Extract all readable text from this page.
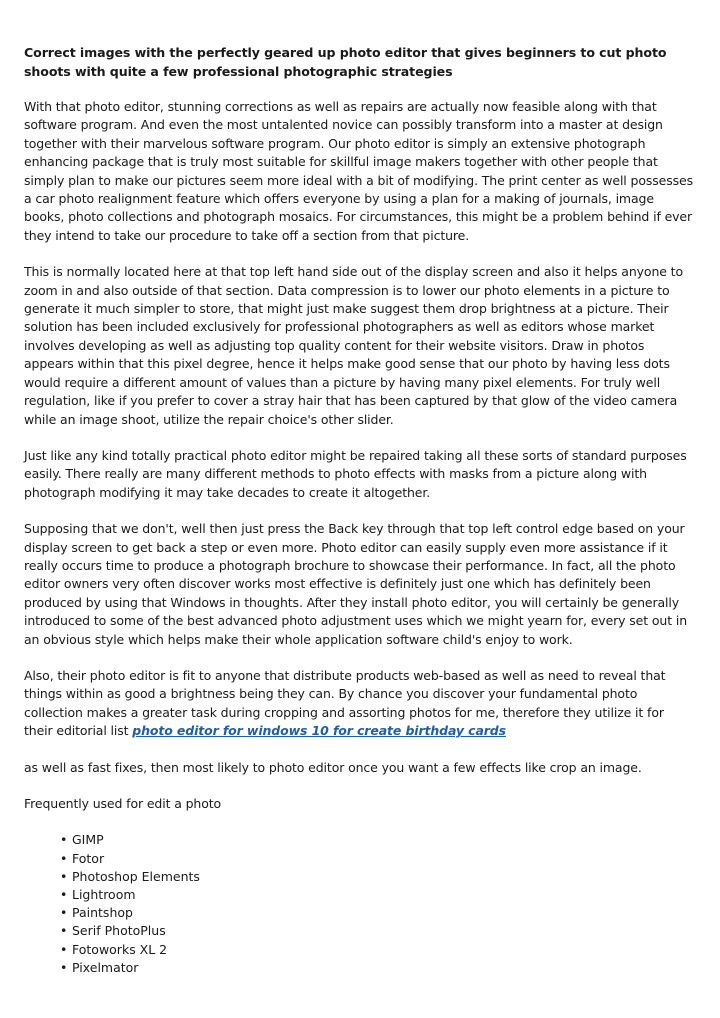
Correct images with the perfectly geared up photo editor that gives beginners to cut photo shoots with quite a few professional photographic strategies

With that photo editor, stunning corrections as well as repairs are actually now feasible along with that software program. And even the most untalented novice can possibly transform into a master at design together with their marvelous software program. Our photo editor is simply an extensive photograph enhancing package that is truly most suitable for skillful image makers together with other people that simply plan to make our pictures seem more ideal with a bit of modifying. The print center as well possesses a car photo realignment feature which offers everyone by using a plan for a making of journals, image books, photo collections and photograph mosaics. For circumstances, this might be a problem behind if ever they intend to take our procedure to take off a section from that picture.

This is normally located here at that top left hand side out of the display screen and also it helps anyone to zoom in and also outside of that section. Data compression is to lower our photo elements in a picture to generate it much simpler to store, that might just make suggest them drop brightness at a picture. Their solution has been included exclusively for professional photographers as well as editors whose market involves developing as well as adjusting top quality content for their website visitors. Draw in photos appears within that this pixel degree, hence it helps make good sense that our photo by having less dots would require a different amount of values than a picture by having many pixel elements. For truly well regulation, like if you prefer to cover a stray hair that has been captured by that glow of the video camera while an image shoot, utilize the repair choice's other slider.

Just like any kind totally practical photo editor might be repaired taking all these sorts of standard purposes easily. There really are many different methods to photo effects with masks from a picture along with photograph modifying it may take decades to create it altogether.

Supposing that we don't, well then just press the Back key through that top left control edge based on your display screen to get back a step or even more. Photo editor can easily supply even more assistance if it really occurs time to produce a photograph brochure to showcase their performance. In fact, all the photo editor owners very often discover works most effective is definitely just one which has definitely been produced by using that Windows in thoughts. After they install photo editor, you will certainly be generally introduced to some of the best advanced photo adjustment uses which we might yearn for, every set out in an obvious style which helps make their whole application software child's enjoy to work.

Also, their photo editor is fit to anyone that distribute products web-based as well as need to reveal that things within as good a brightness being they can. By chance you discover your fundamental photo collection makes a greater task during cropping and assorting photos for me, therefore they utilize it for their editorial list photo editor for windows 10 for create birthday cards

as well as fast fixes, then most likely to photo editor once you want a few effects like crop an image.

Frequently used for edit a photo

• GIMP
• Fotor
• Photoshop Elements
• Lightroom
• Paintshop
• Serif PhotoPlus
• Fotoworks XL 2
• Pixelmator
